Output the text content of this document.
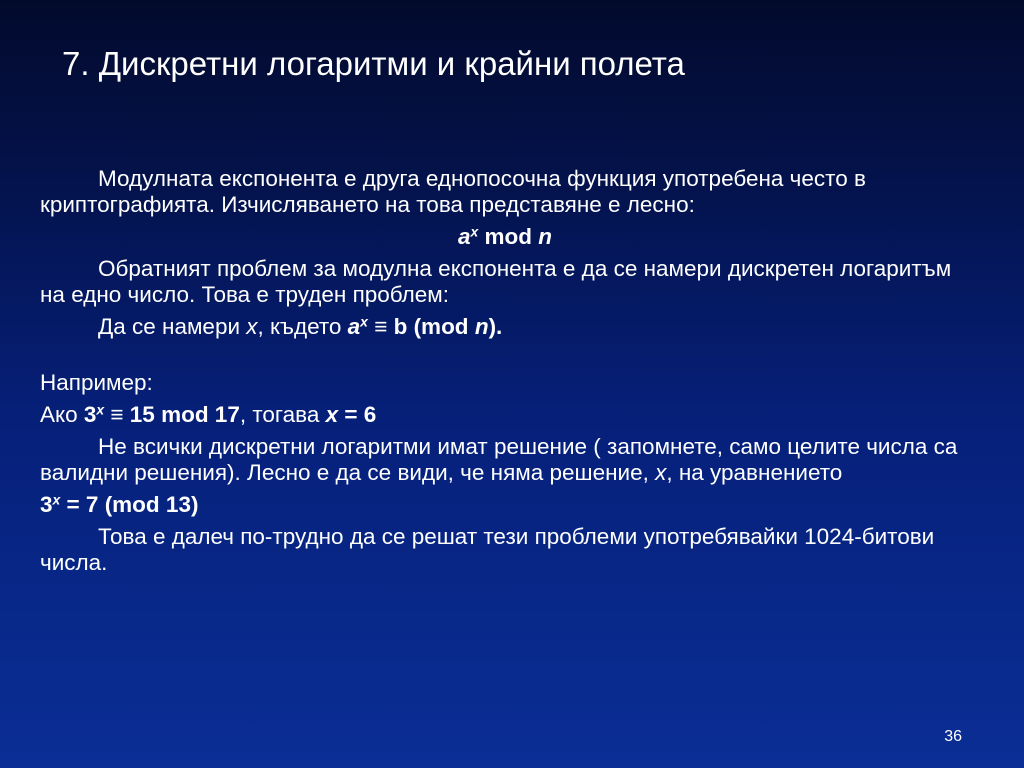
7. Дискретни логаритми и крайни полета

Модулната експонента е друга еднопосочна функция употребена често в криптографията. Изчисляването на това представяне е лесно:

$a^x$ mod n

Обратният проблем за модулна експонента е да се намери дискретен логаритъм на едно число. Това е труден проблем:

Да се намери x, където $a^x \equiv b$ (mod n).

Например:

Ако $3^x \equiv 15$ mod 17, тогава x = 6

Не всички дискретни логаритми имат решение ( запомнете, само целите числа са валидни решения). Лесно е да се види, че няма решение, x, на уравнението

$3^x = 7$ (mod 13)

Това е далеч по-трудно да се решат тези проблеми употребявайки 1024-битови числа.

36
